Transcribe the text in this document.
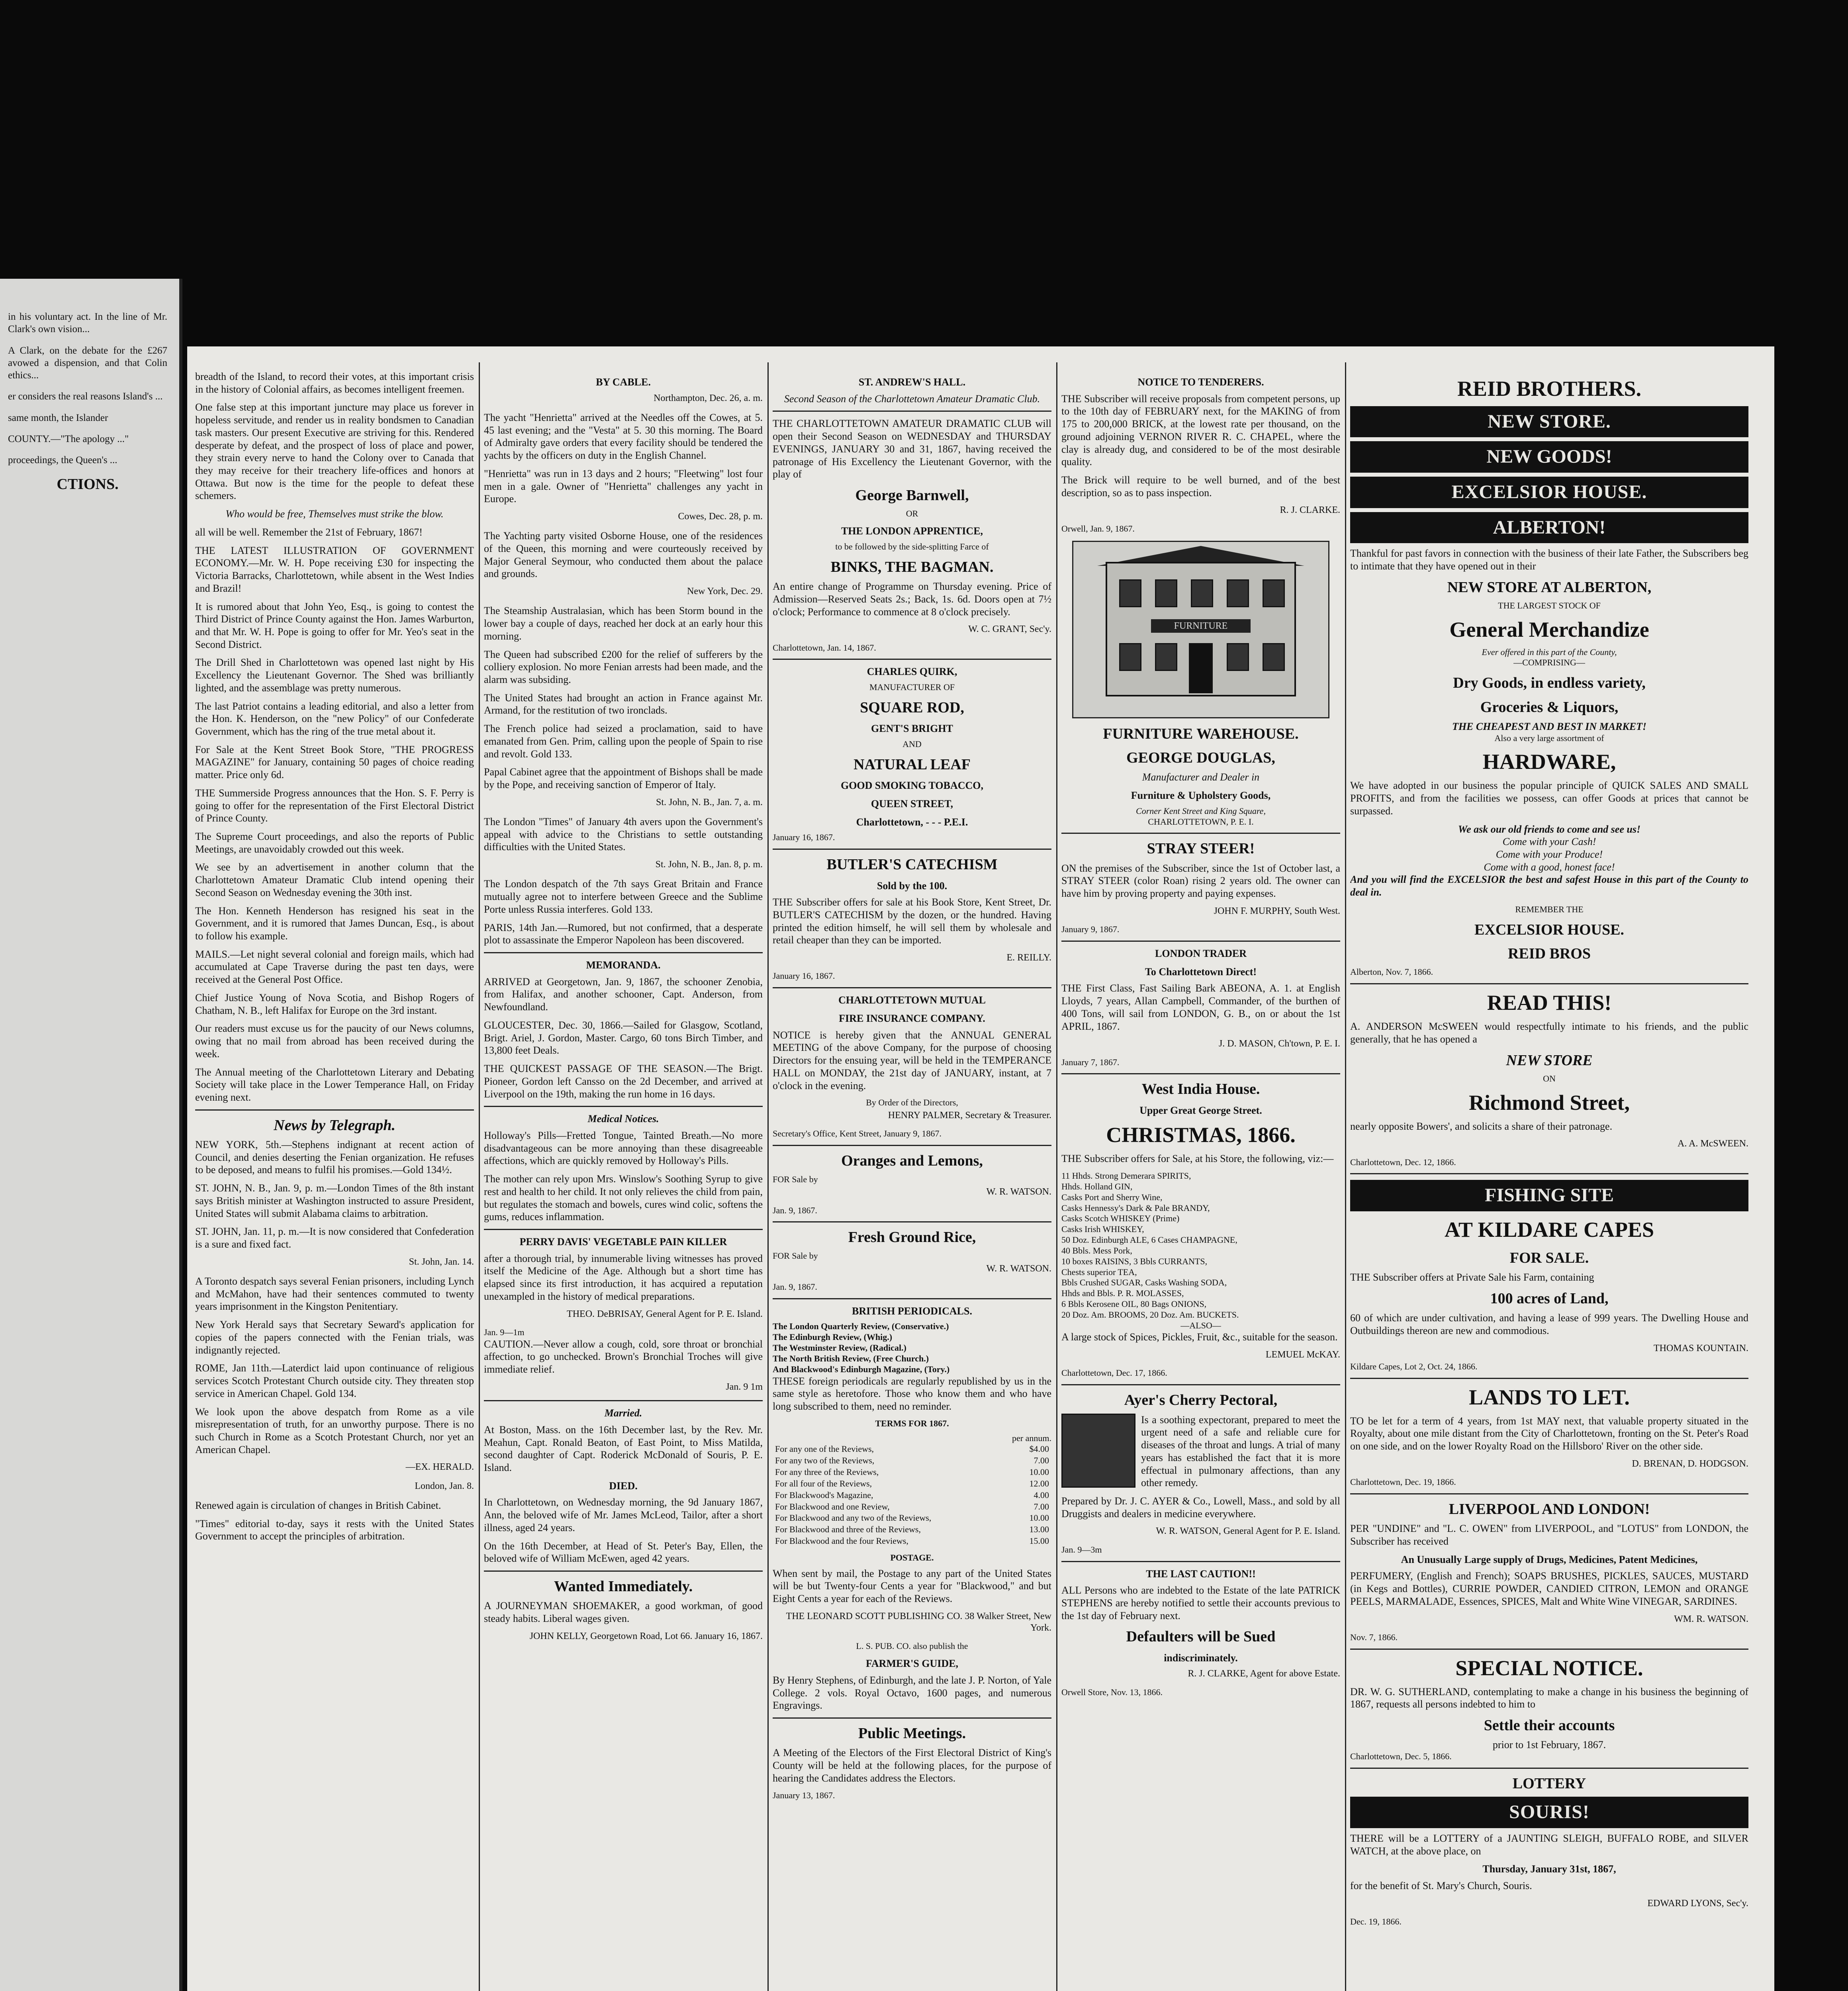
in his voluntary act. In the line of Mr. Clark's own vision...

A Clark, on the debate for the £267 avowed a dispension, and that Colin ethics...

er considers the real reasons Island's ...

same month, the Islander

COUNTY.—"The apology ..."

proceedings, the Queen's ...

CTIONS.

breadth of the Island, to record their votes, at this important crisis in the history of Colonial affairs, as becomes intelligent freemen.

One false step at this important juncture may place us forever in hopeless servitude, and render us in reality bondsmen to Canadian task masters. Our present Executive are striving for this. Rendered desperate by defeat, and the prospect of loss of place and power, they strain every nerve to hand the Colony over to Canada that they may receive for their treachery life-offices and honors at Ottawa. But now is the time for the people to defeat these schemers.

Who would be free, Themselves must strike the blow.

all will be well. Remember the 21st of February, 1867!

THE LATEST ILLUSTRATION OF GOVERNMENT ECONOMY.—Mr. W. H. Pope receiving £30 for inspecting the Victoria Barracks, Charlottetown, while absent in the West Indies and Brazil!

It is rumored about that John Yeo, Esq., is going to contest the Third District of Prince County against the Hon. James Warburton, and that Mr. W. H. Pope is going to offer for Mr. Yeo's seat in the Second District.

The Drill Shed in Charlottetown was opened last night by His Excellency the Lieutenant Governor. The Shed was brilliantly lighted, and the assemblage was pretty numerous.

The last Patriot contains a leading editorial, and also a letter from the Hon. K. Henderson, on the "new Policy" of our Confederate Government, which has the ring of the true metal about it.

For Sale at the Kent Street Book Store, "THE PROGRESS MAGAZINE" for January, containing 50 pages of choice reading matter. Price only 6d.

THE Summerside Progress announces that the Hon. S. F. Perry is going to offer for the representation of the First Electoral District of Prince County.

The Supreme Court proceedings, and also the reports of Public Meetings, are unavoidably crowded out this week.

We see by an advertisement in another column that the Charlottetown Amateur Dramatic Club intend opening their Second Season on Wednesday evening the 30th inst.

The Hon. Kenneth Henderson has resigned his seat in the Government, and it is rumored that James Duncan, Esq., is about to follow his example.

MAILS.—Let night several colonial and foreign mails, which had accumulated at Cape Traverse during the past ten days, were received at the General Post Office.

Chief Justice Young of Nova Scotia, and Bishop Rogers of Chatham, N. B., left Halifax for Europe on the 3rd instant.

Our readers must excuse us for the paucity of our News columns, owing that no mail from abroad has been received during the week.

The Annual meeting of the Charlottetown Literary and Debating Society will take place in the Lower Temperance Hall, on Friday evening next.

News by Telegraph.

NEW YORK, 5th.—Stephens indignant at recent action of Council, and denies deserting the Fenian organization. He refuses to be deposed, and means to fulfil his promises.—Gold 134½.

ST. JOHN, N. B., Jan. 9, p. m.—London Times of the 8th instant says British minister at Washington instructed to assure President, United States will submit Alabama claims to arbitration.

ST. JOHN, Jan. 11, p. m.—It is now considered that Confederation is a sure and fixed fact.

St. John, Jan. 14.

A Toronto despatch says several Fenian prisoners, including Lynch and McMahon, have had their sentences commuted to twenty years imprisonment in the Kingston Penitentiary.

New York Herald says that Secretary Seward's application for copies of the papers connected with the Fenian trials, was indignantly rejected.

ROME, Jan 11th.—Laterdict laid upon continuance of religious services Scotch Protestant Church outside city. They threaten stop service in American Chapel. Gold 134.

We look upon the above despatch from Rome as a vile misrepresentation of truth, for an unworthy purpose. There is no such Church in Rome as a Scotch Protestant Church, nor yet an American Chapel.

—EX. HERALD.
London, Jan. 8.

Renewed again is circulation of changes in British Cabinet.

"Times" editorial to-day, says it rests with the United States Government to accept the principles of arbitration.

BY CABLE.
Northampton, Dec. 26, a. m.

The yacht "Henrietta" arrived at the Needles off the Cowes, at 5. 45 last evening; and the "Vesta" at 5. 30 this morning. The Board of Admiralty gave orders that every facility should be tendered the yachts by the officers on duty in the English Channel.

"Henrietta" was run in 13 days and 2 hours; "Fleetwing" lost four men in a gale. Owner of "Henrietta" challenges any yacht in Europe.

Cowes, Dec. 28, p. m.

The Yachting party visited Osborne House, one of the residences of the Queen, this morning and were courteously received by Major General Seymour, who conducted them about the palace and grounds.

New York, Dec. 29.

The Steamship Australasian, which has been Storm bound in the lower bay a couple of days, reached her dock at an early hour this morning.

The Queen had subscribed £200 for the relief of sufferers by the colliery explosion. No more Fenian arrests had been made, and the alarm was subsiding.

The United States had brought an action in France against Mr. Armand, for the restitution of two ironclads.

The French police had seized a proclamation, said to have emanated from Gen. Prim, calling upon the people of Spain to rise and revolt. Gold 133.

Papal Cabinet agree that the appointment of Bishops shall be made by the Pope, and receiving sanction of Emperor of Italy.

St. John, N. B., Jan. 7, a. m.

The London "Times" of January 4th avers upon the Government's appeal with advice to the Christians to settle outstanding difficulties with the United States.

St. John, N. B., Jan. 8, p. m.

The London despatch of the 7th says Great Britain and France mutually agree not to interfere between Greece and the Sublime Porte unless Russia interferes. Gold 133.

PARIS, 14th Jan.—Rumored, but not confirmed, that a desperate plot to assassinate the Emperor Napoleon has been discovered.

MEMORANDA.

ARRIVED at Georgetown, Jan. 9, 1867, the schooner Zenobia, from Halifax, and another schooner, Capt. Anderson, from Newfoundland.

GLOUCESTER, Dec. 30, 1866.—Sailed for Glasgow, Scotland, Brigt. Ariel, J. Gordon, Master. Cargo, 60 tons Birch Timber, and 13,800 feet Deals.

THE QUICKEST PASSAGE OF THE SEASON.—The Brigt. Pioneer, Gordon left Cansso on the 2d December, and arrived at Liverpool on the 19th, making the run home in 16 days.

Medical Notices.

Holloway's Pills—Fretted Tongue, Tainted Breath.—No more disadvantageous can be more annoying than these disagreeable affections, which are quickly removed by Holloway's Pills.

The mother can rely upon Mrs. Winslow's Soothing Syrup to give rest and health to her child. It not only relieves the child from pain, but regulates the stomach and bowels, cures wind colic, softens the gums, reduces inflammation.

PERRY DAVIS' VEGETABLE PAIN KILLER

after a thorough trial, by innumerable living witnesses has proved itself the Medicine of the Age. Although but a short time has elapsed since its first introduction, it has acquired a reputation unexampled in the history of medical preparations.

THEO. DeBRISAY, General Agent for P. E. Island.
Jan. 9—1m

CAUTION.—Never allow a cough, cold, sore throat or bronchial affection, to go unchecked. Brown's Bronchial Troches will give immediate relief.

Jan. 9 1m
Married.

At Boston, Mass. on the 16th December last, by the Rev. Mr. Meahun, Capt. Ronald Beaton, of East Point, to Miss Matilda, second daughter of Capt. Roderick McDonald of Souris, P. E. Island.

DIED.

In Charlottetown, on Wednesday morning, the 9d January 1867, Ann, the beloved wife of Mr. James McLeod, Tailor, after a short illness, aged 24 years.

On the 16th December, at Head of St. Peter's Bay, Ellen, the beloved wife of William McEwen, aged 42 years.

Wanted Immediately.

A JOURNEYMAN SHOEMAKER, a good workman, of good steady habits. Liberal wages given.

JOHN KELLY, Georgetown Road, Lot 66. January 16, 1867.
ST. ANDREW'S HALL.
Second Season of the Charlottetown Amateur Dramatic Club.

THE CHARLOTTETOWN AMATEUR DRAMATIC CLUB will open their Second Season on WEDNESDAY and THURSDAY EVENINGS, JANUARY 30 and 31, 1867, having received the patronage of His Excellency the Lieutenant Governor, with the play of

George Barnwell,
OR
THE LONDON APPRENTICE,
to be followed by the side-splitting Farce of
BINKS, THE BAGMAN.

An entire change of Programme on Thursday evening. Price of Admission—Reserved Seats 2s.; Back, 1s. 6d. Doors open at 7½ o'clock; Performance to commence at 8 o'clock precisely.

W. C. GRANT, Sec'y.
Charlottetown, Jan. 14, 1867.
CHARLES QUIRK,
MANUFACTURER OF
SQUARE ROD,
GENT'S BRIGHT
AND
NATURAL LEAF
GOOD SMOKING TOBACCO,
QUEEN STREET,
Charlottetown, - - - P.E.I.
January 16, 1867.
BUTLER'S CATECHISM
Sold by the 100.

THE Subscriber offers for sale at his Book Store, Kent Street, Dr. BUTLER'S CATECHISM by the dozen, or the hundred. Having printed the edition himself, he will sell them by wholesale and retail cheaper than they can be imported.

E. REILLY.
January 16, 1867.
CHARLOTTETOWN MUTUAL
FIRE INSURANCE COMPANY.

NOTICE is hereby given that the ANNUAL GENERAL MEETING of the above Company, for the purpose of choosing Directors for the ensuing year, will be held in the TEMPERANCE HALL on MONDAY, the 21st day of JANUARY, instant, at 7 o'clock in the evening.

By Order of the Directors,
HENRY PALMER, Secretary & Treasurer.
Secretary's Office, Kent Street, January 9, 1867.
Oranges and Lemons,
FOR Sale by
W. R. WATSON.
Jan. 9, 1867.
Fresh Ground Rice,
FOR Sale by
W. R. WATSON.
Jan. 9, 1867.
BRITISH PERIODICALS.
The London Quarterly Review, (Conservative.)
The Edinburgh Review, (Whig.)
The Westminster Review, (Radical.)
The North British Review, (Free Church.)
And Blackwood's Edinburgh Magazine, (Tory.)

THESE foreign periodicals are regularly republished by us in the same style as heretofore. Those who know them and who have long subscribed to them, need no reminder.

TERMS FOR 1867.
per annum.
For any one of the Reviews,	$4.00
For any two of the Reviews,	7.00
For any three of the Reviews,	10.00
For all four of the Reviews,	12.00
For Blackwood's Magazine,	4.00
For Blackwood and one Review,	7.00
For Blackwood and any two of the Reviews,	10.00
For Blackwood and three of the Reviews,	13.00
For Blackwood and the four Reviews,	15.00
POSTAGE.

When sent by mail, the Postage to any part of the United States will be but Twenty-four Cents a year for "Blackwood," and but Eight Cents a year for each of the Reviews.

THE LEONARD SCOTT PUBLISHING CO. 38 Walker Street, New York.
L. S. PUB. CO. also publish the
FARMER'S GUIDE,

By Henry Stephens, of Edinburgh, and the late J. P. Norton, of Yale College. 2 vols. Royal Octavo, 1600 pages, and numerous Engravings.

Public Meetings.

A Meeting of the Electors of the First Electoral District of King's County will be held at the following places, for the purpose of hearing the Candidates address the Electors.

January 13, 1867.
NOTICE TO TENDERERS.

THE Subscriber will receive proposals from competent persons, up to the 10th day of FEBRUARY next, for the MAKING of from 175 to 200,000 BRICK, at the lowest rate per thousand, on the ground adjoining VERNON RIVER R. C. CHAPEL, where the clay is already dug, and considered to be of the most desirable quality.

The Brick will require to be well burned, and of the best description, so as to pass inspection.

R. J. CLARKE.
Orwell, Jan. 9, 1867.
FURNITURE
FURNITURE WAREHOUSE.
GEORGE DOUGLAS,
Manufacturer and Dealer in
Furniture & Upholstery Goods,
Corner Kent Street and King Square,
CHARLOTTETOWN, P. E. I.
STRAY STEER!

ON the premises of the Subscriber, since the 1st of October last, a STRAY STEER (color Roan) rising 2 years old. The owner can have him by proving property and paying expenses.

JOHN F. MURPHY, South West.
January 9, 1867.
LONDON TRADER
To Charlottetown Direct!

THE First Class, Fast Sailing Bark ABEONA, A. 1. at English Lloyds, 7 years, Allan Campbell, Commander, of the burthen of 400 Tons, will sail from LONDON, G. B., on or about the 1st APRIL, 1867.

J. D. MASON, Ch'town, P. E. I.
January 7, 1867.
West India House.
Upper Great George Street.
CHRISTMAS, 1866.

THE Subscriber offers for Sale, at his Store, the following, viz:—

11 Hhds. Strong Demerara SPIRITS,
Hhds. Holland GIN,
Casks Port and Sherry Wine,
Casks Hennessy's Dark & Pale BRANDY,
Casks Scotch WHISKEY (Prime)
Casks Irish WHISKEY,
50 Doz. Edinburgh ALE, 6 Cases CHAMPAGNE,
40 Bbls. Mess Pork,
10 boxes RAISINS, 3 Bbls CURRANTS,
Chests superior TEA,
Bbls Crushed SUGAR, Casks Washing SODA,
Hhds and Bbls. P. R. MOLASSES,
6 Bbls Kerosene OIL, 80 Bags ONIONS,
20 Doz. Am. BROOMS, 20 Doz. Am. BUCKETS.
—ALSO—

A large stock of Spices, Pickles, Fruit, &c., suitable for the season.

LEMUEL McKAY.
Charlottetown, Dec. 17, 1866.
Ayer's Cherry Pectoral,

Is a soothing expectorant, prepared to meet the urgent need of a safe and reliable cure for diseases of the throat and lungs. A trial of many years has established the fact that it is more effectual in pulmonary affections, than any other remedy.

Prepared by Dr. J. C. AYER & Co., Lowell, Mass., and sold by all Druggists and dealers in medicine everywhere.

W. R. WATSON, General Agent for P. E. Island.
Jan. 9—3m
THE LAST CAUTION!!

ALL Persons who are indebted to the Estate of the late PATRICK STEPHENS are hereby notified to settle their accounts previous to the 1st day of February next.

Defaulters will be Sued
indiscriminately.
R. J. CLARKE, Agent for above Estate.
Orwell Store, Nov. 13, 1866.
REID BROTHERS.
NEW STORE.
NEW GOODS!
EXCELSIOR HOUSE.
ALBERTON!

Thankful for past favors in connection with the business of their late Father, the Subscribers beg to intimate that they have opened out in their

NEW STORE AT ALBERTON,
THE LARGEST STOCK OF
General Merchandize
Ever offered in this part of the County,
—COMPRISING—
Dry Goods, in endless variety,
Groceries & Liquors,
THE CHEAPEST AND BEST IN MARKET!
Also a very large assortment of
HARDWARE,

We have adopted in our business the popular principle of QUICK SALES AND SMALL PROFITS, and from the facilities we possess, can offer Goods at prices that cannot be surpassed.

We ask our old friends to come and see us!
Come with your Cash!
Come with your Produce!
Come with a good, honest face!

And you will find the EXCELSIOR the best and safest House in this part of the County to deal in.

REMEMBER THE
EXCELSIOR HOUSE.
REID BROS
Alberton, Nov. 7, 1866.
READ THIS!

A. ANDERSON McSWEEN would respectfully intimate to his friends, and the public generally, that he has opened a

NEW STORE
ON
Richmond Street,

nearly opposite Bowers', and solicits a share of their patronage.

A. A. McSWEEN.
Charlottetown, Dec. 12, 1866.
FISHING SITE
AT KILDARE CAPES
FOR SALE.

THE Subscriber offers at Private Sale his Farm, containing

100 acres of Land,

60 of which are under cultivation, and having a lease of 999 years. The Dwelling House and Outbuildings thereon are new and commodious.

THOMAS KOUNTAIN.
Kildare Capes, Lot 2, Oct. 24, 1866.
LANDS TO LET.

TO be let for a term of 4 years, from 1st MAY next, that valuable property situated in the Royalty, about one mile distant from the City of Charlottetown, fronting on the St. Peter's Road on one side, and on the lower Royalty Road on the Hillsboro' River on the other side.

D. BRENAN, D. HODGSON.
Charlottetown, Dec. 19, 1866.
LIVERPOOL AND LONDON!

PER "UNDINE" and "L. C. OWEN" from LIVERPOOL, and "LOTUS" from LONDON, the Subscriber has received

An Unusually Large supply of Drugs, Medicines, Patent Medicines,

PERFUMERY, (English and French); SOAPS BRUSHES, PICKLES, SAUCES, MUSTARD (in Kegs and Bottles), CURRIE POWDER, CANDIED CITRON, LEMON and ORANGE PEELS, MARMALADE, Essences, SPICES, Malt and White Wine VINEGAR, SARDINES.

WM. R. WATSON.
Nov. 7, 1866.
SPECIAL NOTICE.

DR. W. G. SUTHERLAND, contemplating to make a change in his business the beginning of 1867, requests all persons indebted to him to

Settle their accounts
prior to 1st February, 1867.
Charlottetown, Dec. 5, 1866.
LOTTERY
SOURIS!

THERE will be a LOTTERY of a JAUNTING SLEIGH, BUFFALO ROBE, and SILVER WATCH, at the above place, on

Thursday, January 31st, 1867,

for the benefit of St. Mary's Church, Souris.

EDWARD LYONS, Sec'y.
Dec. 19, 1866.
